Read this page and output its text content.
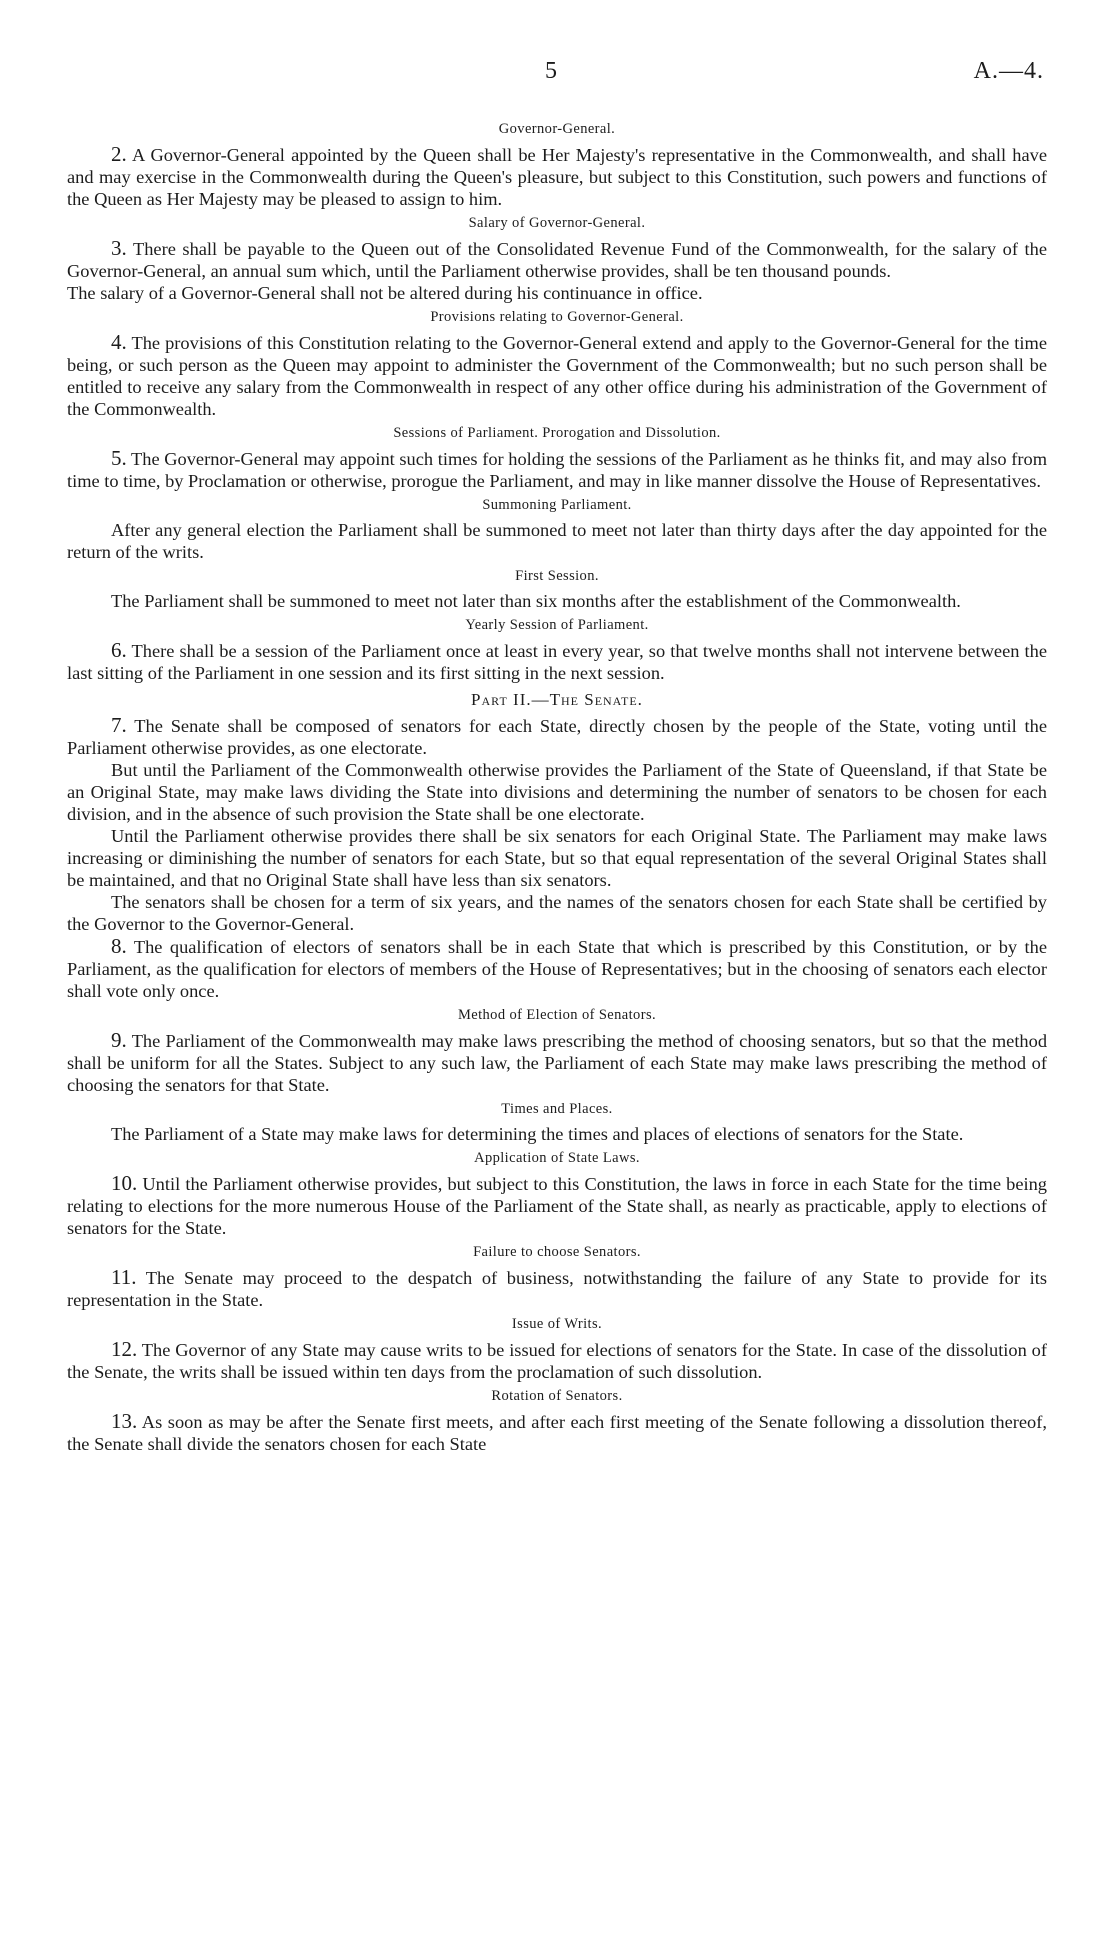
5	A.—4.
Governor-General.

2. A Governor-General appointed by the Queen shall be Her Majesty's representative in the Commonwealth, and shall have and may exercise in the Commonwealth during the Queen's pleasure, but subject to this Constitution, such powers and functions of the Queen as Her Majesty may be pleased to assign to him.

Salary of Governor-General.

3. There shall be payable to the Queen out of the Consolidated Revenue Fund of the Commonwealth, for the salary of the Governor-General, an annual sum which, until the Parliament otherwise provides, shall be ten thousand pounds.

The salary of a Governor-General shall not be altered during his continuance in office.

Provisions relating to Governor-General.

4. The provisions of this Constitution relating to the Governor-General extend and apply to the Governor-General for the time being, or such person as the Queen may appoint to administer the Government of the Commonwealth; but no such person shall be entitled to receive any salary from the Commonwealth in respect of any other office during his administration of the Government of the Commonwealth.

Sessions of Parliament. Prorogation and Dissolution.

5. The Governor-General may appoint such times for holding the sessions of the Parliament as he thinks fit, and may also from time to time, by Proclamation or otherwise, prorogue the Parliament, and may in like manner dissolve the House of Representatives.

Summoning Parliament.

After any general election the Parliament shall be summoned to meet not later than thirty days after the day appointed for the return of the writs.

First Session.

The Parliament shall be summoned to meet not later than six months after the establishment of the Commonwealth.

Yearly Session of Parliament.

6. There shall be a session of the Parliament once at least in every year, so that twelve months shall not intervene between the last sitting of the Parliament in one session and its first sitting in the next session.

Part II.—The Senate.

7. The Senate shall be composed of senators for each State, directly chosen by the people of the State, voting until the Parliament otherwise provides, as one electorate.

But until the Parliament of the Commonwealth otherwise provides the Parliament of the State of Queensland, if that State be an Original State, may make laws dividing the State into divisions and determining the number of senators to be chosen for each division, and in the absence of such provision the State shall be one electorate.

Until the Parliament otherwise provides there shall be six senators for each Original State. The Parliament may make laws increasing or diminishing the number of senators for each State, but so that equal representation of the several Original States shall be maintained, and that no Original State shall have less than six senators.

The senators shall be chosen for a term of six years, and the names of the senators chosen for each State shall be certified by the Governor to the Governor-General.

8. The qualification of electors of senators shall be in each State that which is prescribed by this Constitution, or by the Parliament, as the qualification for electors of members of the House of Representatives; but in the choosing of senators each elector shall vote only once.

Method of Election of Senators.

9. The Parliament of the Commonwealth may make laws prescribing the method of choosing senators, but so that the method shall be uniform for all the States. Subject to any such law, the Parliament of each State may make laws prescribing the method of choosing the senators for that State.

Times and Places.

The Parliament of a State may make laws for determining the times and places of elections of senators for the State.

Application of State Laws.

10. Until the Parliament otherwise provides, but subject to this Constitution, the laws in force in each State for the time being relating to elections for the more numerous House of the Parliament of the State shall, as nearly as practicable, apply to elections of senators for the State.

Failure to choose Senators.

11. The Senate may proceed to the despatch of business, notwithstanding the failure of any State to provide for its representation in the State.

Issue of Writs.

12. The Governor of any State may cause writs to be issued for elections of senators for the State. In case of the dissolution of the Senate, the writs shall be issued within ten days from the proclamation of such dissolution.

Rotation of Senators.

13. As soon as may be after the Senate first meets, and after each first meeting of the Senate following a dissolution thereof, the Senate shall divide the senators chosen for each State
